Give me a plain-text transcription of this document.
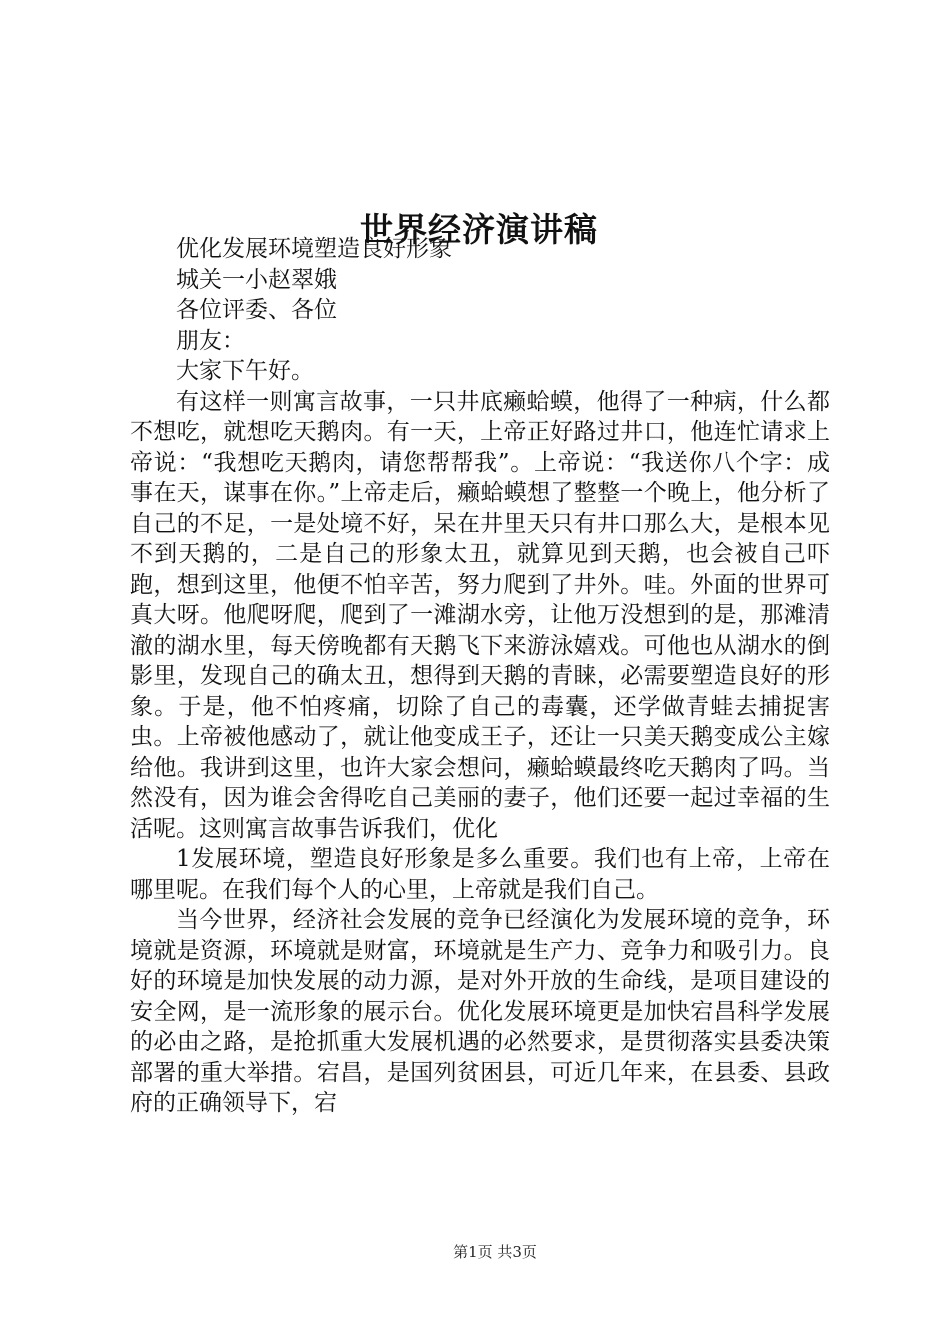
世界经济演讲稿

优化发展环境塑造良好形象

城关一小赵翠娥

各位评委、各位

朋友：

大家下午好。

有这样一则寓言故事，一只井底癞蛤蟆，他得了一种病，什么都不想吃，就想吃天鹅肉。有一天，上帝正好路过井口，他连忙请求上帝说：“我想吃天鹅肉，请您帮帮我”。上帝说：“我送你八个字：成事在天，谋事在你。”上帝走后，癞蛤蟆想了整整一个晚上，他分析了自己的不足，一是处境不好，呆在井里天只有井口那么大，是根本见不到天鹅的，二是自己的形象太丑，就算见到天鹅，也会被自己吓跑，想到这里，他便不怕辛苦，努力爬到了井外。哇。外面的世界可真大呀。他爬呀爬，爬到了一滩湖水旁，让他万没想到的是，那滩清澈的湖水里，每天傍晚都有天鹅飞下来游泳嬉戏。可他也从湖水的倒影里，发现自己的确太丑，想得到天鹅的青睐，必需要塑造良好的形象。于是，他不怕疼痛，切除了自己的毒囊，还学做青蛙去捕捉害虫。上帝被他感动了，就让他变成王子，还让一只美天鹅变成公主嫁给他。我讲到这里，也许大家会想问，癞蛤蟆最终吃天鹅肉了吗。当然没有，因为谁会舍得吃自己美丽的妻子，他们还要一起过幸福的生活呢。这则寓言故事告诉我们，优化

1发展环境，塑造良好形象是多么重要。我们也有上帝，上帝在哪里呢。在我们每个人的心里，上帝就是我们自己。

当今世界，经济社会发展的竞争已经演化为发展环境的竞争，环境就是资源，环境就是财富，环境就是生产力、竞争力和吸引力。良好的环境是加快发展的动力源，是对外开放的生命线，是项目建设的安全网，是一流形象的展示台。优化发展环境更是加快宕昌科学发展的必由之路，是抢抓重大发展机遇的必然要求，是贯彻落实县委决策部署的重大举措。宕昌，是国列贫困县，可近几年来，在县委、县政府的正确领导下，宕

第1页 共3页
